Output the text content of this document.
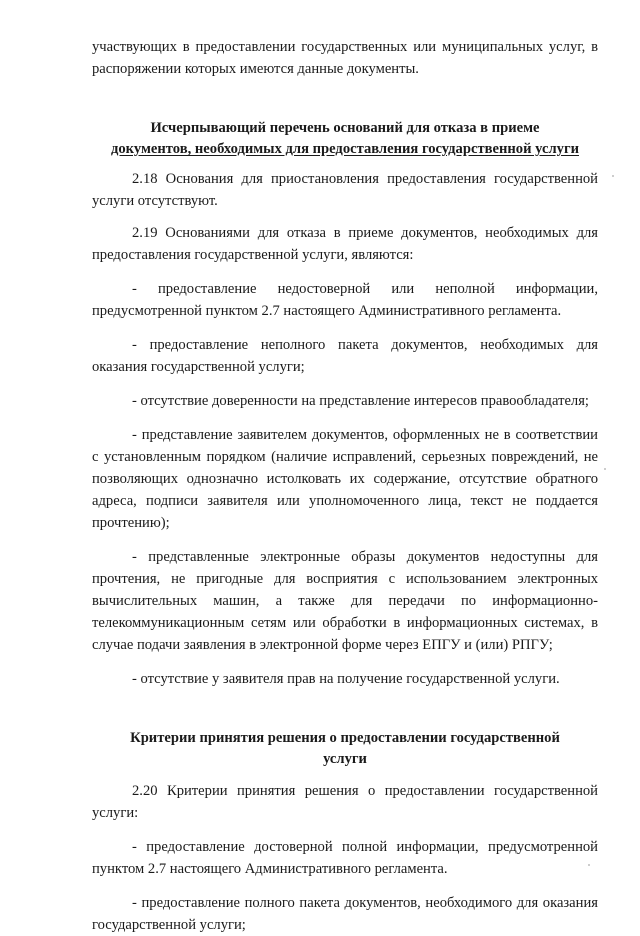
участвующих в предоставлении государственных или муниципальных услуг, в распоряжении которых имеются данные документы.

Исчерпывающий перечень оснований для отказа в приеме
документов, необходимых для предоставления государственной услуги

2.18 Основания для приостановления предоставления государственной услуги отсутствуют.

2.19 Основаниями для отказа в приеме документов, необходимых для предоставления государственной услуги, являются:

- предоставление недостоверной или неполной информации, предусмотренной пунктом 2.7 настоящего Административного регламента.

- предоставление неполного пакета документов, необходимых для оказания государственной услуги;

- отсутствие доверенности на представление интересов правообладателя;

- представление заявителем документов, оформленных не в соответствии с установленным порядком (наличие исправлений, серьезных повреждений, не позволяющих однозначно истолковать их содержание, отсутствие обратного адреса, подписи заявителя или уполномоченного лица, текст не поддается прочтению);

- представленные электронные образы документов недоступны для прочтения, не пригодные для восприятия с использованием электронных вычислительных машин, а также для передачи по информационно-телекоммуникационным сетям или обработки в информационных системах, в случае подачи заявления в электронной форме через ЕПГУ и (или) РПГУ;

- отсутствие у заявителя прав на получение государственной услуги.

Критерии принятия решения о предоставлении государственной
услуги

2.20 Критерии принятия решения о предоставлении государственной услуги:

- предоставление достоверной полной информации, предусмотренной пунктом 2.7 настоящего Административного регламента.

- предоставление полного пакета документов, необходимого для оказания государственной услуги;
